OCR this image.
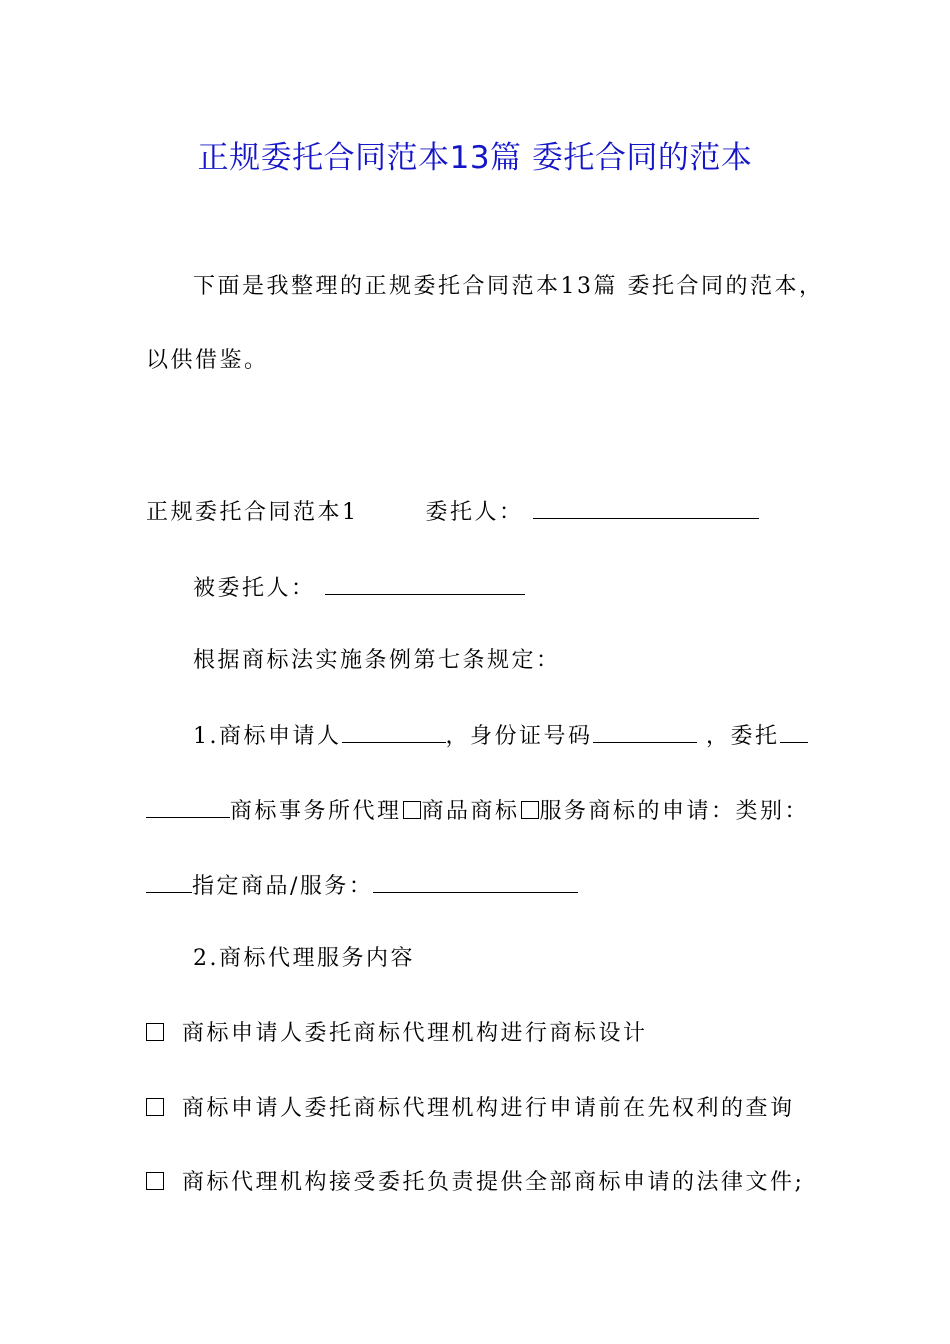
正规委托合同范本13篇 委托合同的范本
下面是我整理的正规委托合同范本13篇 委托合同的范本，
以供借鉴。
正规委托合同范本1	委托人：
被委托人：
根据商标法实施条例第七条规定：
1.商标申请人	，身份证号码	，委托
商标事务所代理 商品商标 服务商标的申请：类别：
指定商品/服务：
2.商标代理服务内容
商标申请人委托商标代理机构进行商标设计
商标申请人委托商标代理机构进行申请前在先权利的查询
商标代理机构接受委托负责提供全部商标申请的法律文件;
